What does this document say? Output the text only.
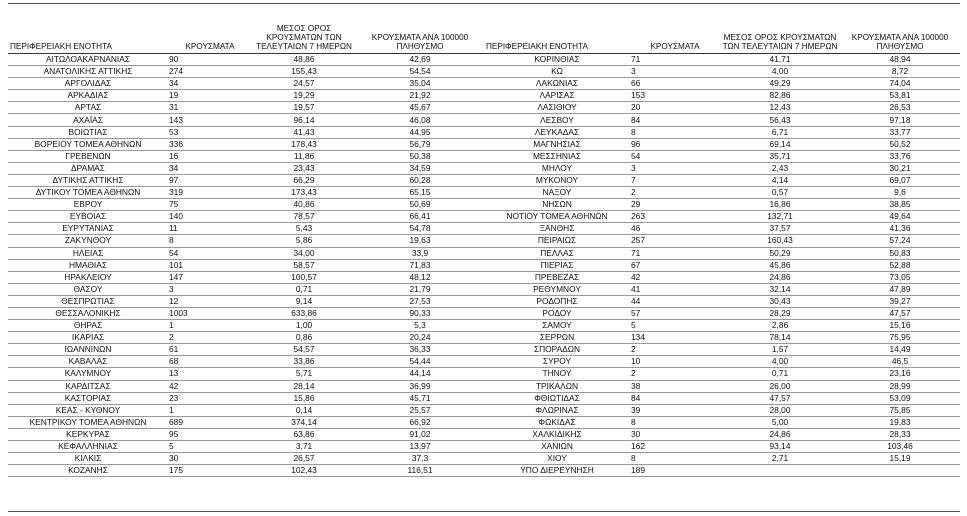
ΠΕΡΙΦΕΡΕΙΑΚΗ ΕΝΟΤΗΤΑ	ΚΡΟΥΣΜΑΤΑ	ΜΕΣΟΣ ΟΡΟΣ ΚΡΟΥΣΜΑΤΩΝ ΤΩΝ ΤΕΛΕΥΤΑΙΩΝ 7 ΗΜΕΡΩΝ	ΚΡΟΥΣΜΑΤΑ ΑΝΑ 100000 ΠΛΗΘΥΣΜΟ	ΠΕΡΙΦΕΡΕΙΑΚΗ ΕΝΟΤΗΤΑ	ΚΡΟΥΣΜΑΤΑ	ΜΕΣΟΣ ΟΡΟΣ ΚΡΟΥΣΜΑΤΩΝ ΤΩΝ ΤΕΛΕΥΤΑΙΩΝ 7 ΗΜΕΡΩΝ	ΚΡΟΥΣΜΑΤΑ ΑΝΑ 100000 ΠΛΗΘΥΣΜΟ
ΑΙΤΩΛΟΑΚΑΡΝΑΝΙΑΣ	90	48,86	42,69	ΚΟΡΙΝΘΙΑΣ	71	41,71	48,94
ΑΝΑΤΟΛΙΚΗΣ ΑΤΤΙΚΗΣ	274	155,43	54,54	ΚΩ	3	4,00	8,72
ΑΡΓΟΛΙΔΑΣ	34	24,57	35,04	ΛΑΚΩΝΙΑΣ	66	49,29	74,04
ΑΡΚΑΔΙΑΣ	19	19,29	21,92	ΛΑΡΙΣΑΣ	153	82,86	53,81
ΑΡΤΑΣ	31	19,57	45,67	ΛΑΣΙΘΙΟΥ	20	12,43	26,53
ΑΧΑΪΑΣ	143	96,14	46,08	ΛΕΣΒΟΥ	84	56,43	97,18
ΒΟΙΩΤΙΑΣ	53	41,43	44,95	ΛΕΥΚΑΔΑΣ	8	6,71	33,77
ΒΟΡΕΙΟΥ ΤΟΜΕΑ ΑΘΗΝΩΝ	336	178,43	56,79	ΜΑΓΝΗΣΙΑΣ	96	69,14	50,52
ΓΡΕΒΕΝΩΝ	16	11,86	50,38	ΜΕΣΣΗΝΙΑΣ	54	35,71	33,76
ΔΡΑΜΑΣ	34	23,43	34,59	ΜΗΛΟΥ	3	2,43	30,21
ΔΥΤΙΚΗΣ ΑΤΤΙΚΗΣ	97	66,29	60,28	ΜΥΚΟΝΟΥ	7	4,14	69,07
ΔΥΤΙΚΟΥ ΤΟΜΕΑ ΑΘΗΝΩΝ	319	173,43	65,15	ΝΑΞΟΥ	2	0,57	9,6
ΕΒΡΟΥ	75	40,86	50,69	ΝΗΣΩΝ	29	16,86	38,85
ΕΥΒΟΙΑΣ	140	78,57	66,41	ΝΟΤΙΟΥ ΤΟΜΕΑ ΑΘΗΝΩΝ	263	132,71	49,64
ΕΥΡΥΤΑΝΙΑΣ	11	5,43	54,78	ΞΑΝΘΗΣ	46	37,57	41,36
ΖΑΚΥΝΘΟΥ	8	5,86	19,63	ΠΕΙΡΑΙΩΣ	257	160,43	57,24
ΗΛΕΙΑΣ	54	34,00	33,9	ΠΕΛΛΑΣ	71	50,29	50,83
ΗΜΑΘΙΑΣ	101	58,57	71,83	ΠΙΕΡΙΑΣ	67	45,86	52,88
ΗΡΑΚΛΕΙΟΥ	147	100,57	48,12	ΠΡΕΒΕΖΑΣ	42	24,86	73,05
ΘΑΣΟΥ	3	0,71	21,79	ΡΕΘΥΜΝΟΥ	41	32,14	47,89
ΘΕΣΠΡΩΤΙΑΣ	12	9,14	27,53	ΡΟΔΟΠΗΣ	44	30,43	39,27
ΘΕΣΣΑΛΟΝΙΚΗΣ	1003	633,86	90,33	ΡΟΔΟΥ	57	28,29	47,57
ΘΗΡΑΣ	1	1,00	5,3	ΣΑΜΟΥ	5	2,86	15,16
ΙΚΑΡΙΑΣ	2	0,86	20,24	ΣΕΡΡΩΝ	134	78,14	75,95
ΙΩΑΝΝΙΝΩΝ	61	54,57	36,33	ΣΠΟΡΑΔΩΝ	2	1,57	14,49
ΚΑΒΑΛΑΣ	68	33,86	54,44	ΣΥΡΟΥ	10	4,00	46,5
ΚΑΛΥΜΝΟΥ	13	5,71	44,14	ΤΗΝΟΥ	2	0,71	23,16
ΚΑΡΔΙΤΣΑΣ	42	28,14	36,99	ΤΡΙΚΑΛΩΝ	38	26,00	28,99
ΚΑΣΤΟΡΙΑΣ	23	15,86	45,71	ΦΘΙΩΤΙΔΑΣ	84	47,57	53,09
ΚΕΑΣ - ΚΥΘΝΟΥ	1	0,14	25,57	ΦΛΩΡΙΝΑΣ	39	28,00	75,85
ΚΕΝΤΡΙΚΟΥ ΤΟΜΕΑ ΑΘΗΝΩΝ	689	374,14	66,92	ΦΩΚΙΔΑΣ	8	5,00	19,83
ΚΕΡΚΥΡΑΣ	95	63,86	91,02	ΧΑΛΚΙΔΙΚΗΣ	30	24,86	28,33
ΚΕΦΑΛΛΗΝΙΑΣ	5	3,71	13,97	ΧΑΝΙΩΝ	162	93,14	103,46
ΚΙΛΚΙΣ	30	26,57	37,3	ΧΙΟΥ	8	2,71	15,19
ΚΟΖΑΝΗΣ	175	102,43	116,51	ΥΠΟ ΔΙΕΡΕΥΝΗΣΗ	189		
